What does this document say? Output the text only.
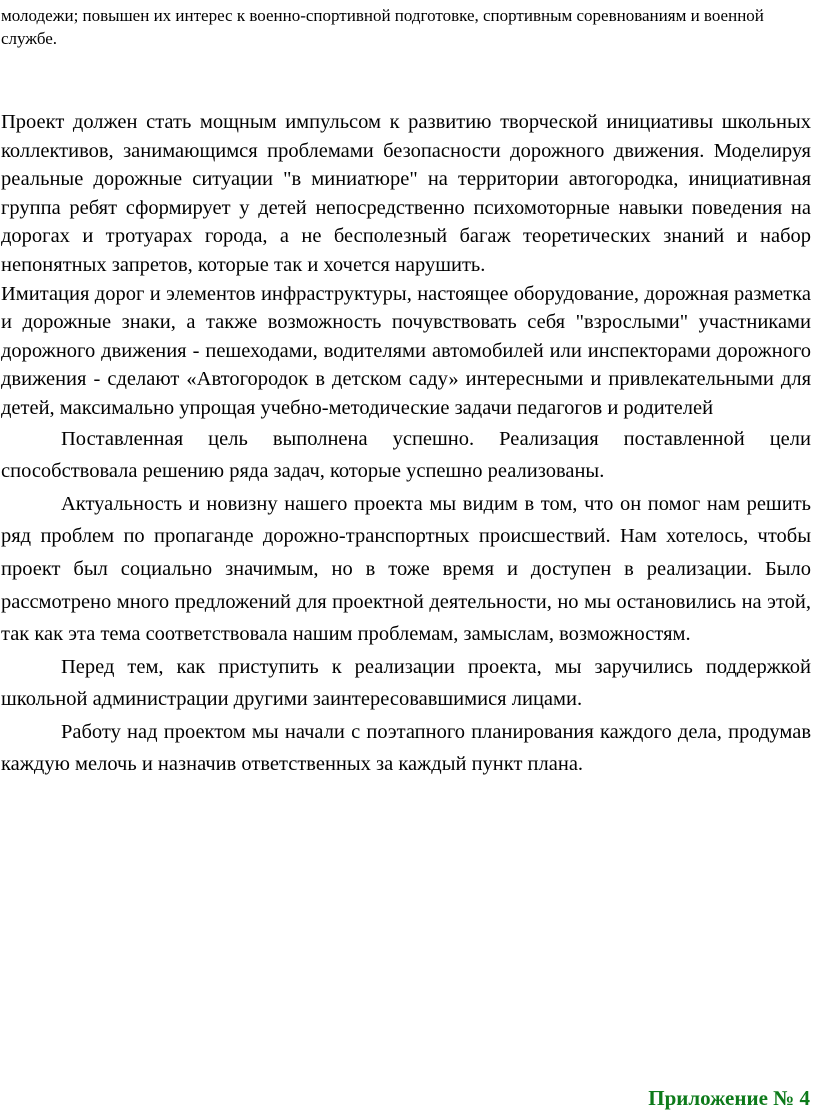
молодежи; повышен их интерес к военно-спортивной подготовке, спортивным соревнованиям и военной службе.

Проект должен стать мощным импульсом к развитию творческой инициативы школьных коллективов, занимающимся проблемами безопасности дорожного движения. Моделируя реальные дорожные ситуации "в миниатюре" на территории автогородка, инициативная группа ребят сформирует у детей непосредственно психомоторные навыки поведения на дорогах и тротуарах города, а не бесполезный багаж теоретических знаний и набор непонятных запретов, которые так и хочется нарушить.

Имитация дорог и элементов инфраструктуры, настоящее оборудование, дорожная разметка и дорожные знаки, а также возможность почувствовать себя "взрослыми" участниками дорожного движения - пешеходами, водителями автомобилей или инспекторами дорожного движения - сделают «Автогородок в детском саду» интересными и привлекательными для детей, максимально упрощая учебно-методические задачи педагогов и родителей

Поставленная цель выполнена успешно. Реализация поставленной цели способствовала решению ряда задач, которые успешно реализованы.

Актуальность и новизну нашего проекта мы видим в том, что он помог нам решить ряд проблем по пропаганде дорожно-транспортных происшествий. Нам хотелось, чтобы проект был социально значимым, но в тоже время и доступен в реализации. Было рассмотрено много предложений для проектной деятельности, но мы остановились на этой, так как эта тема соответствовала нашим проблемам, замыслам, возможностям.

Перед тем, как приступить к реализации проекта, мы заручились поддержкой школьной администрации другими заинтересовавшимися лицами.

Работу над проектом мы начали с поэтапного планирования каждого дела, продумав каждую мелочь и назначив ответственных за каждый пункт плана.

Приложение № 4
